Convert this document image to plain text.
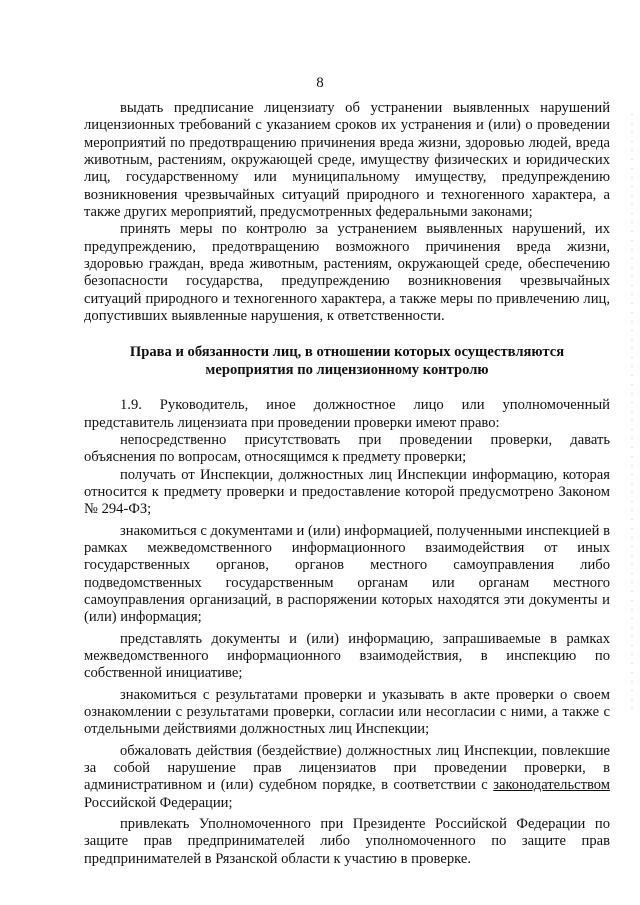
8

выдать предписание лицензиату об устранении выявленных нарушений лицензионных требований с указанием сроков их устранения и (или) о проведении мероприятий по предотвращению причинения вреда жизни, здоровью людей, вреда животным, растениям, окружающей среде, имуществу физических и юридических лиц, государственному или муниципальному имуществу, предупреждению возникновения чрезвычайных ситуаций природного и техногенного характера, а также других мероприятий, предусмотренных федеральными законами;

принять меры по контролю за устранением выявленных нарушений, их предупреждению, предотвращению возможного причинения вреда жизни, здоровью граждан, вреда животным, растениям, окружающей среде, обеспечению безопасности государства, предупреждению возникновения чрезвычайных ситуаций природного и техногенного характера, а также меры по привлечению лиц, допустивших выявленные нарушения, к ответственности.

Права и обязанности лиц, в отношении которых осуществляются
мероприятия по лицензионному контролю

1.9. Руководитель, иное должностное лицо или уполномоченный представитель лицензиата при проведении проверки имеют право:

непосредственно присутствовать при проведении проверки, давать объяснения по вопросам, относящимся к предмету проверки;

получать от Инспекции, должностных лиц Инспекции информацию, которая относится к предмету проверки и предоставление которой предусмотрено Законом № 294-ФЗ;

знакомиться с документами и (или) информацией, полученными инспекцией в рамках межведомственного информационного взаимодействия от иных государственных органов, органов местного самоуправления либо подведомственных государственным органам или органам местного самоуправления организаций, в распоряжении которых находятся эти документы и (или) информация;

представлять документы и (или) информацию, запрашиваемые в рамках межведомственного информационного взаимодействия, в инспекцию по собственной инициативе;

знакомиться с результатами проверки и указывать в акте проверки о своем ознакомлении с результатами проверки, согласии или несогласии с ними, а также с отдельными действиями должностных лиц Инспекции;

обжаловать действия (бездействие) должностных лиц Инспекции, повлекшие за собой нарушение прав лицензиатов при проведении проверки, в административном и (или) судебном порядке, в соответствии с законодательством Российской Федерации;

привлекать Уполномоченного при Президенте Российской Федерации по защите прав предпринимателей либо уполномоченного по защите прав предпринимателей в Рязанской области к участию в проверке.
